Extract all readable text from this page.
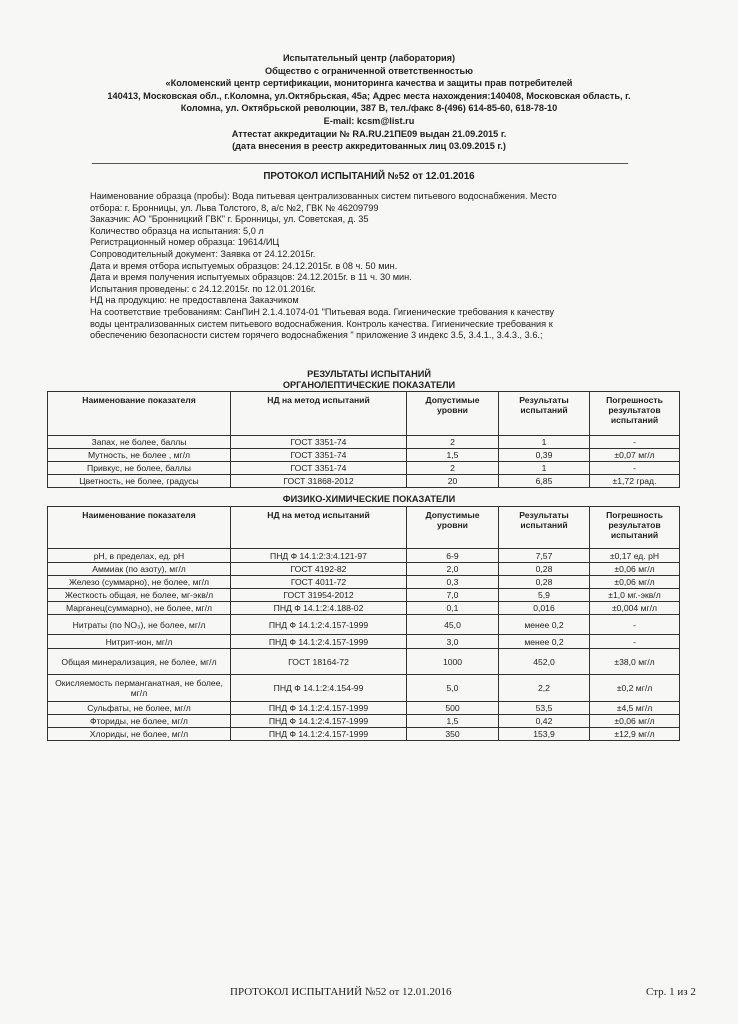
Испытательный центр (лаборатория)
Общество с ограниченной ответственностью
«Коломенский центр сертификации, мониторинга качества и защиты прав потребителей
140413, Московская обл., г.Коломна, ул.Октябрьская, 45а; Адрес места нахождения:140408, Московская область, г.
Коломна, ул. Октябрьской революции, 387 В, тел./факс 8-(496) 614-85-60, 618-78-10
E-mail: kcsm@list.ru
Аттестат аккредитации № RA.RU.21ПЕ09 выдан 21.09.2015 г.
(дата внесения в реестр аккредитованных лиц 03.09.2015 г.)
ПРОТОКОЛ ИСПЫТАНИЙ №52 от 12.01.2016
Наименование образца (пробы): Вода питьевая централизованных систем питьевого водоснабжения. Место
отбора: г. Бронницы, ул. Льва Толстого, 8, а/с №2, ГВК № 46209799
Заказчик: АО "Бронницкий ГВК" г. Бронницы, ул. Советская, д. 35
Количество образца на испытания: 5,0 л
Регистрационный номер образца: 19614/ИЦ
Сопроводительный документ: Заявка от 24.12.2015г.
Дата и время отбора испытуемых образцов: 24.12.2015г. в 08 ч. 50 мин.
Дата и время получения испытуемых образцов: 24.12.2015г. в 11 ч. 30 мин.
Испытания проведены: с 24.12.2015г. по 12.01.2016г.
НД на продукцию: не предоставлена Заказчиком
На соответствие требованиям: СанПиН 2.1.4.1074-01 "Питьевая вода. Гигиенические требования к качеству
воды централизованных систем питьевого водоснабжения. Контроль качества. Гигиенические требования к
обеспечению безопасности систем горячего водоснабжения " приложение 3 индекс 3.5, 3.4.1., 3.4.3., 3.6.;
РЕЗУЛЬТАТЫ ИСПЫТАНИЙ
ОРГАНОЛЕПТИЧЕСКИЕ ПОКАЗАТЕЛИ
Наименование показателя	НД на метод испытаний	Допустимые уровни	Результаты испытаний	Погрешность результатов испытаний
Запах, не более, баллы	ГОСТ 3351-74	2	1	-
Мутность, не более , мг/л	ГОСТ 3351-74	1,5	0,39	±0,07 мг/л
Привкус, не более, баллы	ГОСТ 3351-74	2	1	-
Цветность, не более, градусы	ГОСТ 31868-2012	20	6,85	±1,72 град.
ФИЗИКО-ХИМИЧЕСКИЕ ПОКАЗАТЕЛИ
Наименование показателя	НД на метод испытаний	Допустимые уровни	Результаты испытаний	Погрешность результатов испытаний
рН, в пределах, ед. рН	ПНД Ф 14.1:2:3:4.121-97	6-9	7,57	±0,17 ед. рН
Аммиак (по азоту), мг/л	ГОСТ 4192-82	2,0	0,28	±0,06 мг/л
Железо (суммарно), не более, мг/л	ГОСТ 4011-72	0,3	0,28	±0,06 мг/л
Жесткость общая, не более, мг-экв/л	ГОСТ 31954-2012	7,0	5,9	±1,0 мг.-экв/л
Марганец(суммарно), не более, мг/л	ПНД Ф 14.1:2:4.188-02	0,1	0,016	±0,004 мг/л
Нитраты (по NO₃), не более, мг/л	ПНД Ф 14.1:2:4.157-1999	45,0	менее 0,2	-
Нитрит-ион, мг/л	ПНД Ф 14.1:2:4.157-1999	3,0	менее 0,2	-
Общая минерализация, не более, мг/л	ГОСТ 18164-72	1000	452,0	±38,0 мг/л
Окисляемость перманганатная, не более, мг/л	ПНД Ф 14.1:2:4.154-99	5,0	2,2	±0,2 мг/л
Сульфаты, не более, мг/л	ПНД Ф 14.1:2:4.157-1999	500	53,5	±4,5 мг/л
Фториды, не более, мг/л	ПНД Ф 14.1:2:4.157-1999	1,5	0,42	±0,06 мг/л
Хлориды, не более, мг/л	ПНД Ф 14.1:2:4.157-1999	350	153,9	±12,9 мг/л
ПРОТОКОЛ ИСПЫТАНИЙ №52 от 12.01.2016	Стр. 1 из 2
